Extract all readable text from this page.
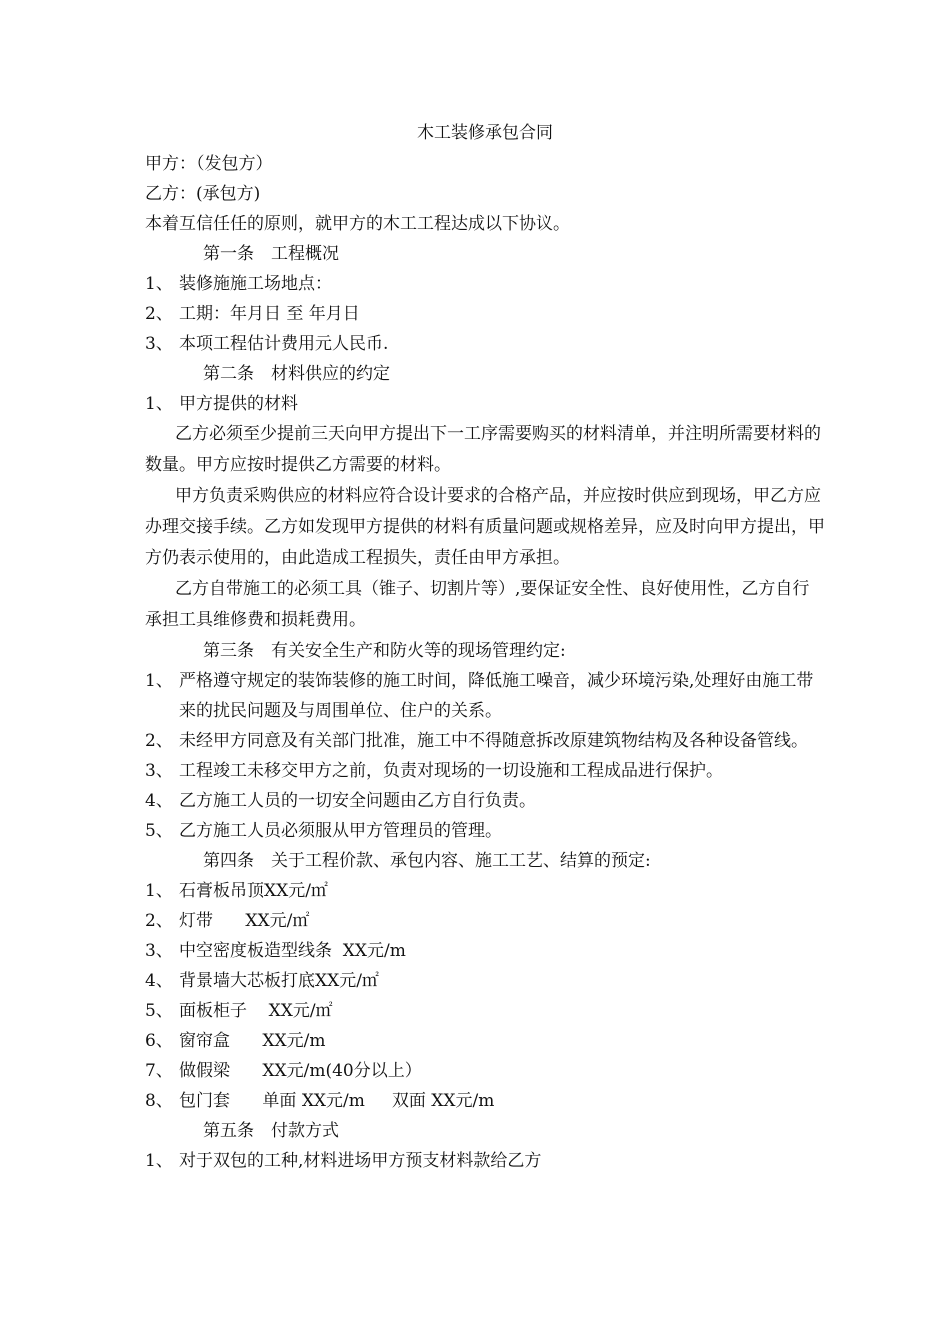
木工装修承包合同
甲方：（发包方）
乙方：(承包方)
本着互信任任的原则，就甲方的木工工程达成以下协议。
第一条　工程概况
1、 装修施施工场地点：
2、 工期：年月日 至 年月日
3、 本项工程估计费用元人民币.
第二条　材料供应的约定
1、 甲方提供的材料
乙方必须至少提前三天向甲方提出下一工序需要购买的材料清单，并注明所需要材料的数量。甲方应按时提供乙方需要的材料。
甲方负责采购供应的材料应符合设计要求的合格产品，并应按时供应到现场，甲乙方应办理交接手续。乙方如发现甲方提供的材料有质量问题或规格差异，应及时向甲方提出，甲方仍表示使用的，由此造成工程损失，责任由甲方承担。
乙方自带施工的必须工具（锥子、切割片等）,要保证安全性、良好使用性，乙方自行承担工具维修费和损耗费用。
第三条　有关安全生产和防火等的现场管理约定:
1、 严格遵守规定的装饰装修的施工时间，降低施工噪音，减少环境污染,处理好由施工带来的扰民问题及与周围单位、住户的关系。
2、 未经甲方同意及有关部门批准，施工中不得随意拆改原建筑物结构及各种设备管线。
3、 工程竣工未移交甲方之前，负责对现场的一切设施和工程成品进行保护。
4、 乙方施工人员的一切安全问题由乙方自行负责。
5、 乙方施工人员必须服从甲方管理员的管理。
第四条　关于工程价款、承包内容、施工工艺、结算的预定:
1、 石膏板吊顶XX元/㎡
2、 灯带      XX元/㎡
3、 中空密度板造型线条  XX元/m
4、 背景墙大芯板打底XX元/㎡
5、 面板柜子    XX元/㎡
6、 窗帘盒      XX元/m
7、 做假梁      XX元/m(40分以上）
8、 包门套      单面 XX元/m     双面 XX元/m
第五条　付款方式
1、 对于双包的工种,材料进场甲方预支材料款给乙方
